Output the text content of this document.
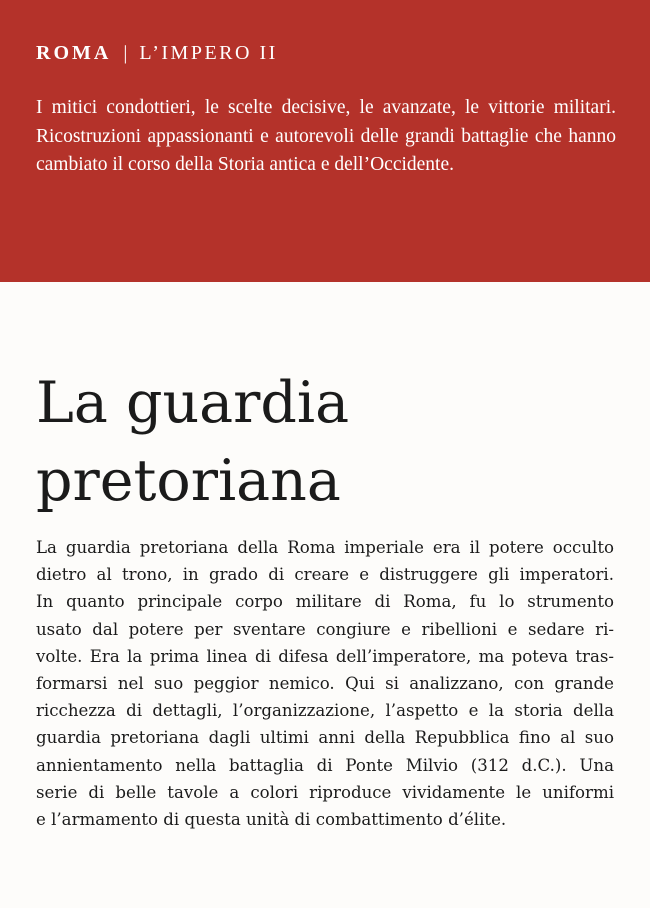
ROMA | L’IMPERO II

I mitici condottieri, le scelte decisive, le avanzate, le vittorie militari. Ricostruzioni appassionanti e autorevoli delle grandi battaglie che hanno cambiato il corso della Storia antica e dell’Occidente.

La guardia
pretoriana
La guardia pretoriana della Roma imperiale era il potere occulto
dietro al trono, in grado di creare e distruggere gli imperatori.
In quanto principale corpo militare di Roma, fu lo strumento
usato dal potere per sventare congiure e ribellioni e sedare ri-
volte. Era la prima linea di difesa dell’imperatore, ma poteva tras-
formarsi nel suo peggior nemico. Qui si analizzano, con grande
ricchezza di dettagli, l’organizzazione, l’aspetto e la storia della
guardia pretoriana dagli ultimi anni della Repubblica fino al suo
annientamento nella battaglia di Ponte Milvio (312 d.C.). Una
serie di belle tavole a colori riproduce vividamente le uniformi
e l’armamento di questa unità di combattimento d’élite.
